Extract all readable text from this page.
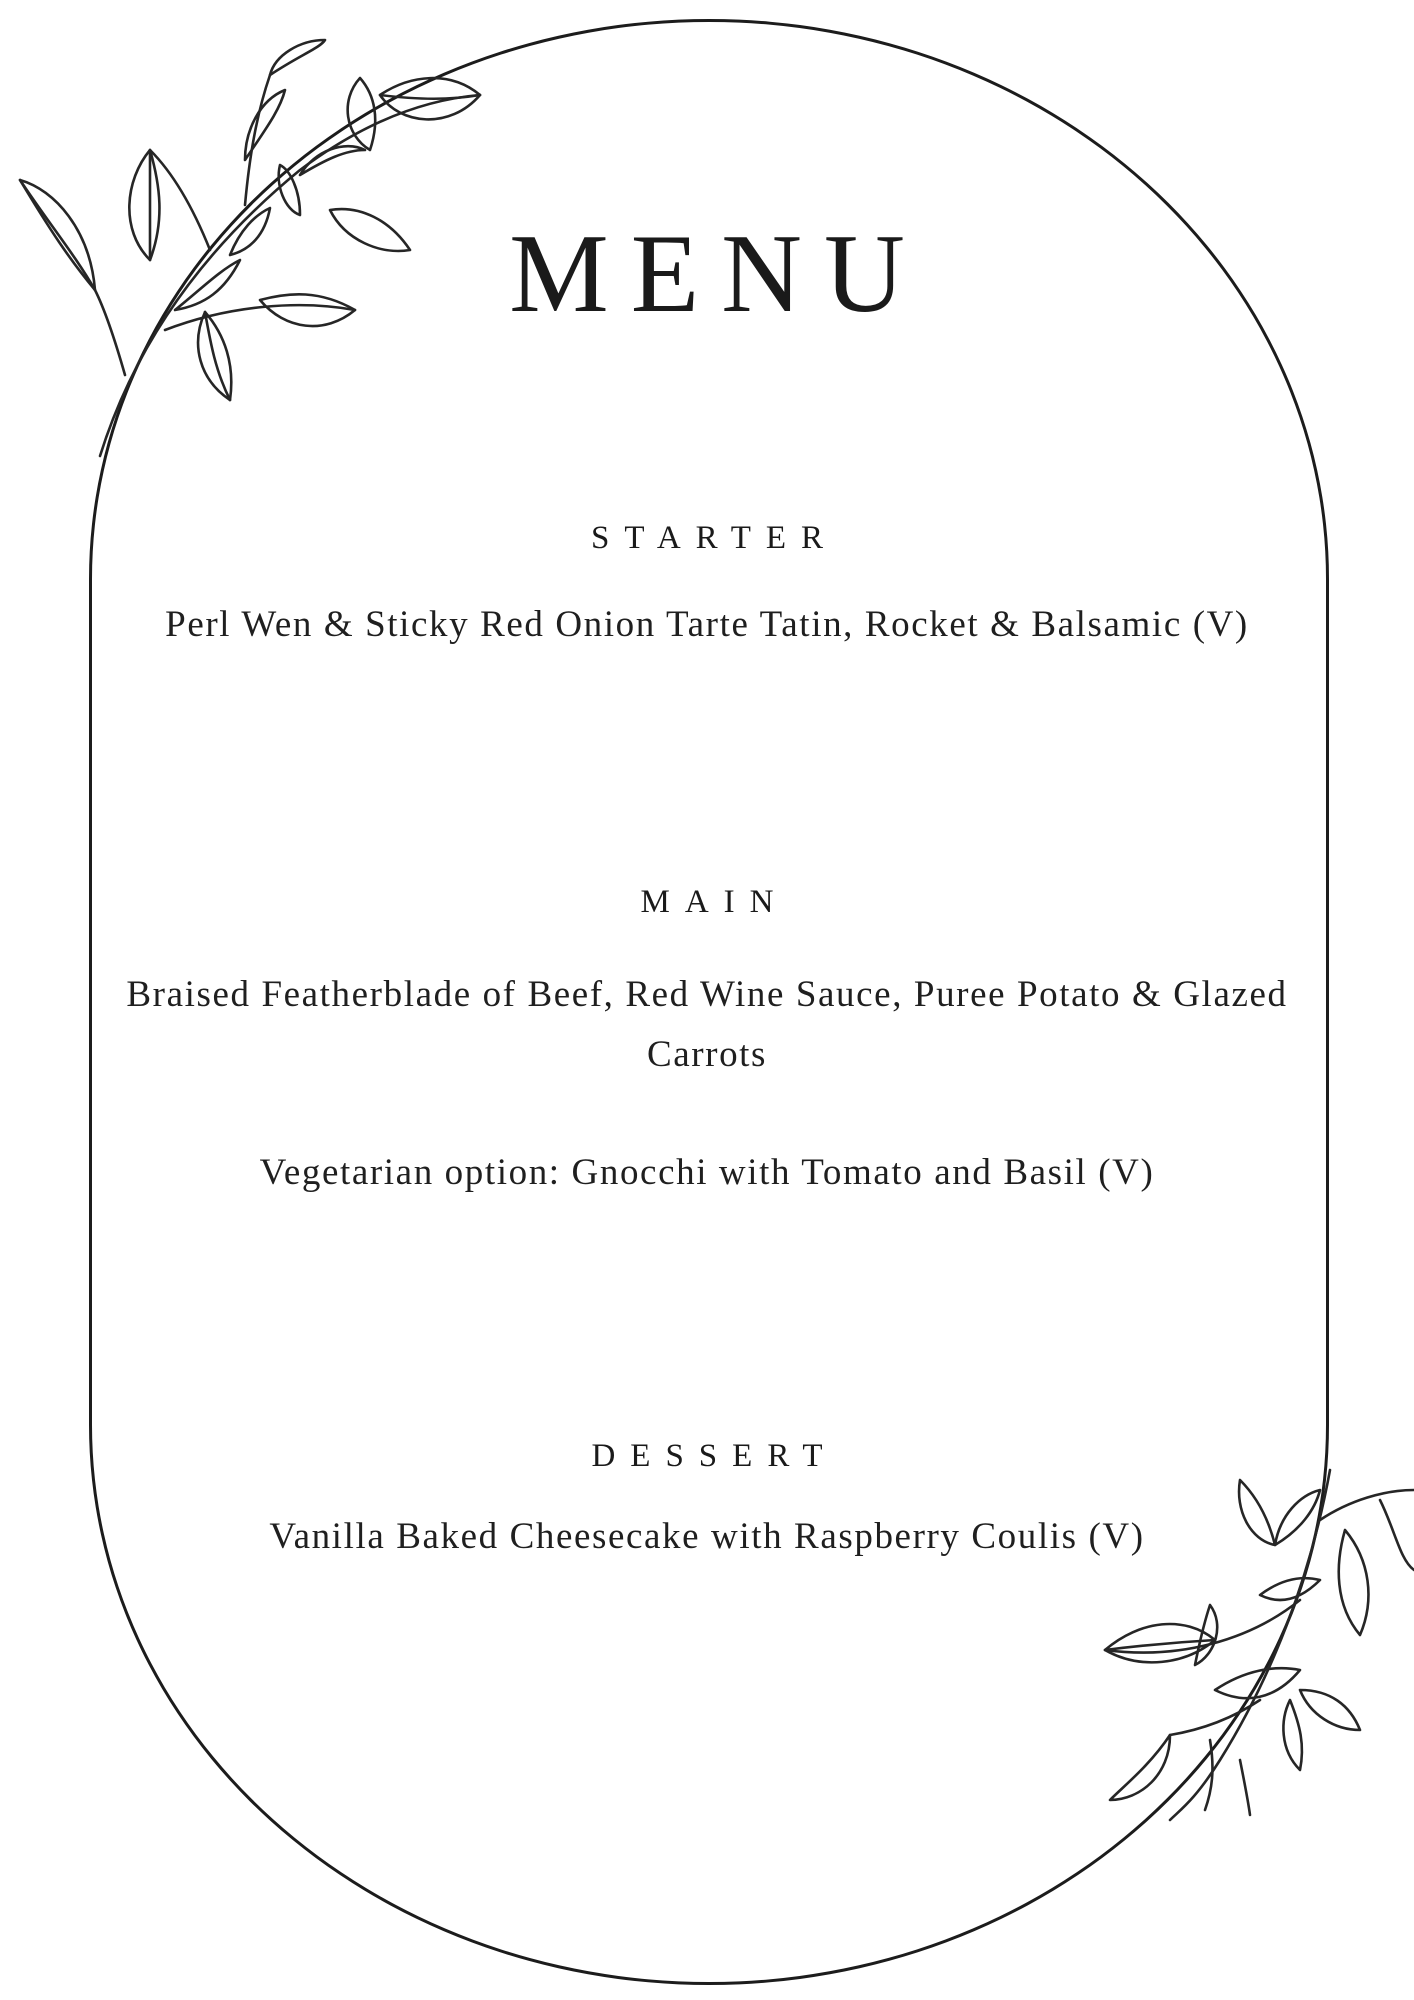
MENU
STARTER

Perl Wen & Sticky Red Onion Tarte Tatin, Rocket & Balsamic (V)

MAIN

Braised Featherblade of Beef, Red Wine Sauce, Puree Potato & Glazed Carrots

Vegetarian option: Gnocchi with Tomato and Basil (V)

DESSERT

Vanilla Baked Cheesecake with Raspberry Coulis (V)
